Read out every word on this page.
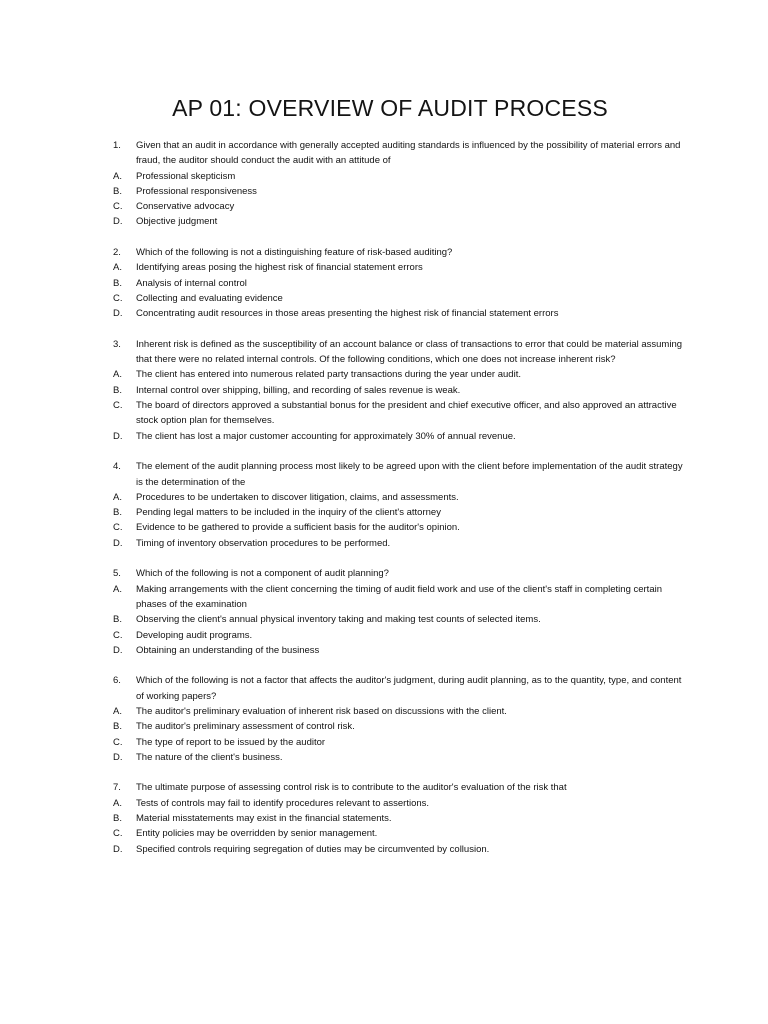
AP 01: OVERVIEW OF AUDIT PROCESS
1.	Given that an audit in accordance with generally accepted auditing standards is influenced by the possibility of material errors and fraud, the auditor should conduct the audit with an attitude of
A.	Professional skepticism
B.	Professional responsiveness
C.	Conservative advocacy
D.	Objective judgment
2.	Which of the following is not a distinguishing feature of risk-based auditing?
A.	Identifying areas posing the highest risk of financial statement errors
B.	Analysis of internal control
C.	Collecting and evaluating evidence
D.	Concentrating audit resources in those areas presenting the highest risk of financial statement errors
3.	Inherent risk is defined as the susceptibility of an account balance or class of transactions to error that could be material assuming that there were no related internal controls. Of the following conditions, which one does not increase inherent risk?
A.	The client has entered into numerous related party transactions during the year under audit.
B.	Internal control over shipping, billing, and recording of sales revenue is weak.
C.	The board of directors approved a substantial bonus for the president and chief executive officer, and also approved an attractive stock option plan for themselves.
D.	The client has lost a major customer accounting for approximately 30% of annual revenue.
4.	The element of the audit planning process most likely to be agreed upon with the client before implementation of the audit strategy is the determination of the
A.	Procedures to be undertaken to discover litigation, claims, and assessments.
B.	Pending legal matters to be included in the inquiry of the client's attorney
C.	Evidence to be gathered to provide a sufficient basis for the auditor's opinion.
D.	Timing of inventory observation procedures to be performed.
5.	Which of the following is not a component of audit planning?
A.	Making arrangements with the client concerning the timing of audit field work and use of the client's staff in completing certain phases of the examination
B.	Observing the client's annual physical inventory taking and making test counts of selected items.
C.	Developing audit programs.
D.	Obtaining an understanding of the business
6.	Which of the following is not a factor that affects the auditor's judgment, during audit planning, as to the quantity, type, and content of working papers?
A.	The auditor's preliminary evaluation of inherent risk based on discussions with the client.
B.	The auditor's preliminary assessment of control risk.
C.	The type of report to be issued by the auditor
D.	The nature of the client's business.
7.	The ultimate purpose of assessing control risk is to contribute to the auditor's evaluation of the risk that
A.	Tests of controls may fail to identify procedures relevant to assertions.
B.	Material misstatements may exist in the financial statements.
C.	Entity policies may be overridden by senior management.
D.	Specified controls requiring segregation of duties may be circumvented by collusion.
